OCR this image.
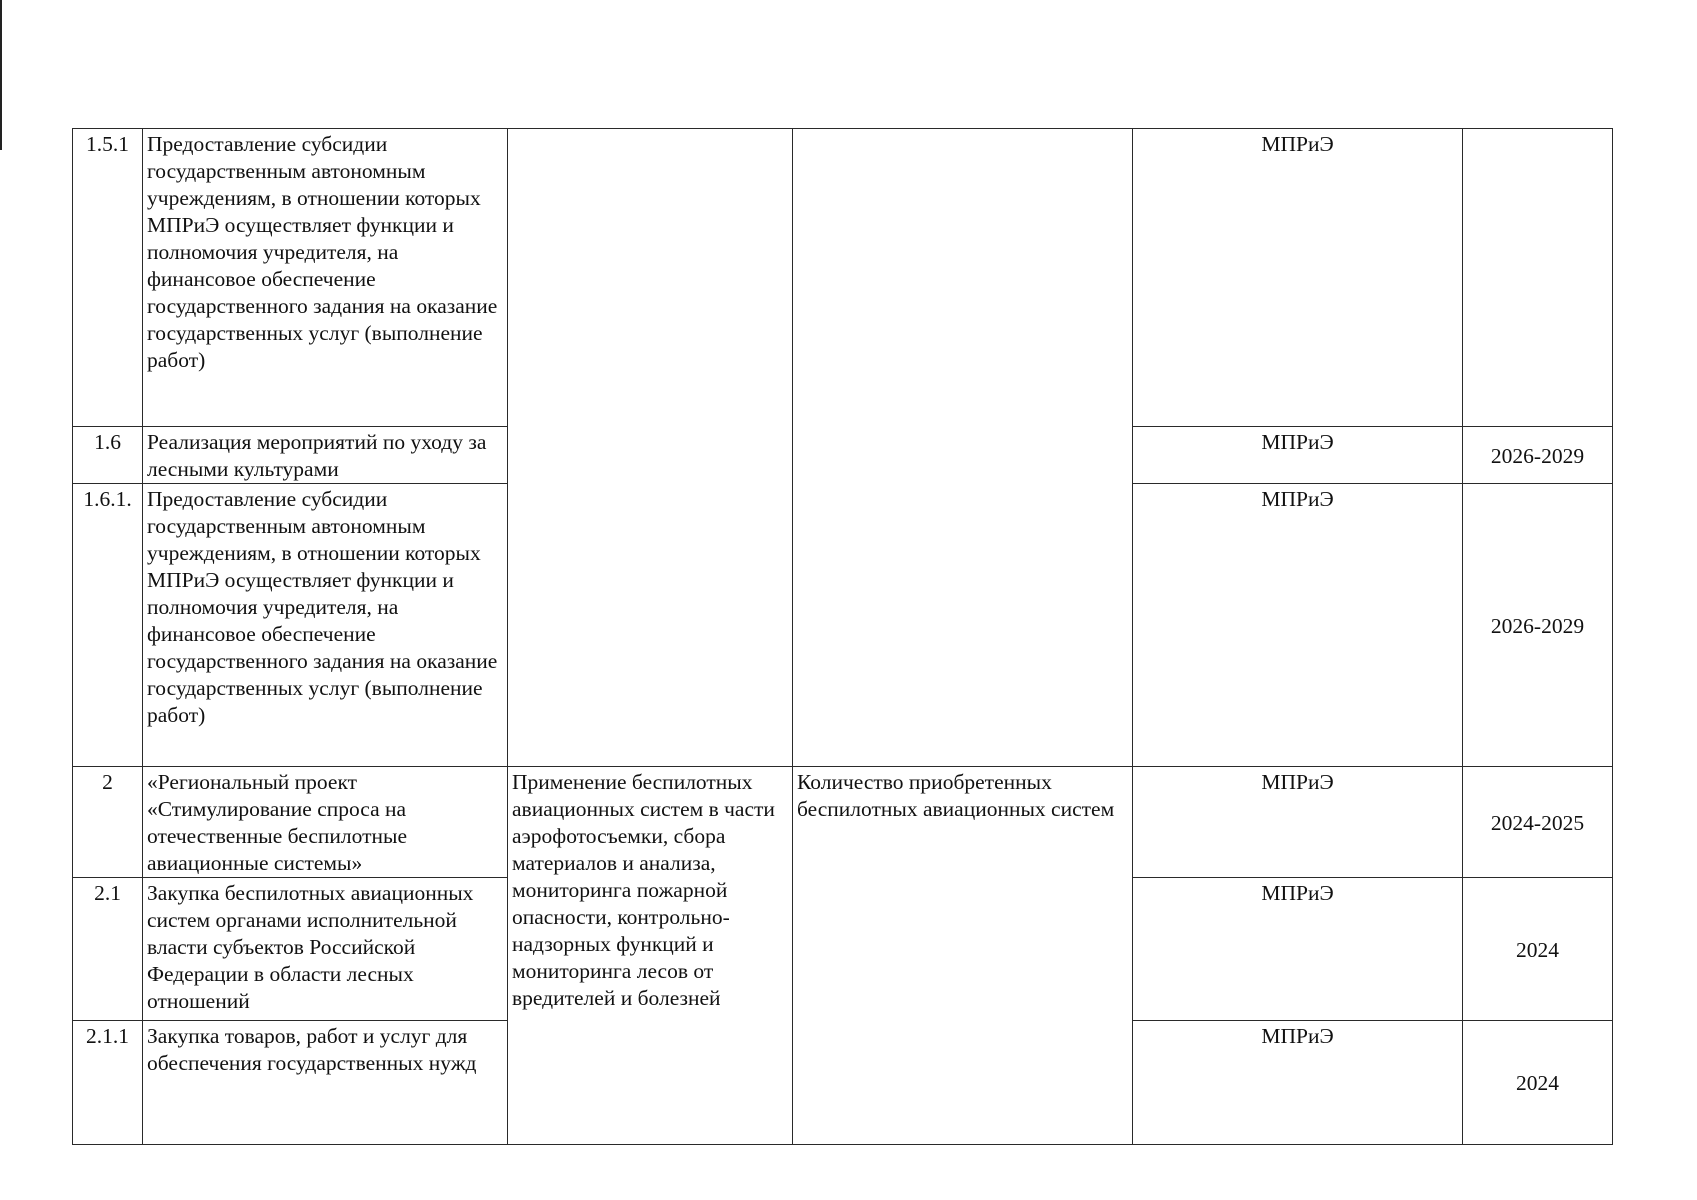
1.5.1	Предоставление субсидии государственным автономным учреждениям, в отношении которых МПРиЭ осуществляет функции и полномочия учредителя, на финансовое обеспечение государственного задания на оказание государственных услуг (выполнение работ)			МПРиЭ	
1.6	Реализация мероприятий по уходу за лесными культурами			МПРиЭ	2026-2029
1.6.1.	Предоставление субсидии государственным автономным учреждениям, в отношении которых МПРиЭ осуществляет функции и полномочия учредителя, на финансовое обеспечение государственного задания на оказание государственных услуг (выполнение работ)			МПРиЭ	2026-2029
2	«Региональный проект «Стимулирование спроса на отечественные беспилотные авиационные системы»	Применение беспилотных авиационных систем в части аэрофотосъемки, сбора материалов и анализа, мониторинга пожарной опасности, контрольно-надзорных функций и мониторинга лесов от вредителей и болезней	Количество приобретенных беспилотных авиационных систем	МПРиЭ	2024-2025
2.1	Закупка беспилотных авиационных систем органами исполнительной власти субъектов Российской Федерации в области лесных отношений			МПРиЭ	2024
2.1.1	Закупка товаров, работ и услуг для обеспечения государственных нужд			МПРиЭ	2024
